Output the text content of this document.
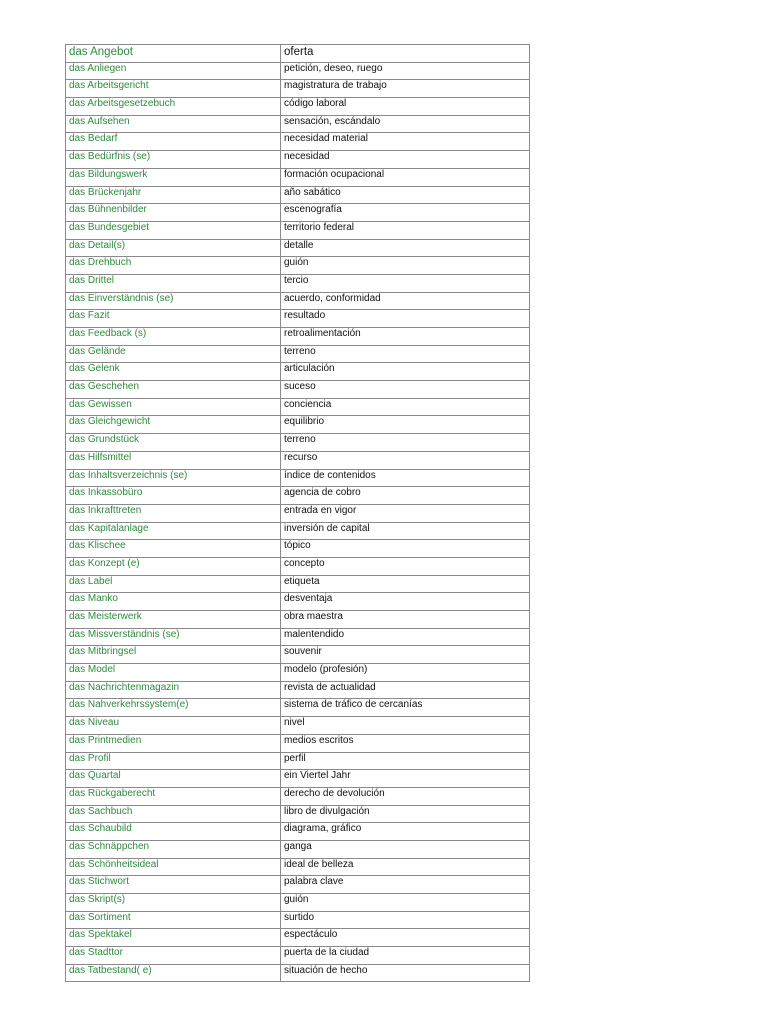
das Angebot	oferta
das Anliegen	petición, deseo, ruego
das Arbeitsgericht	magistratura de trabajo
das Arbeitsgesetzebuch	código laboral
das Aufsehen	sensación, escándalo
das Bedarf	necesidad material
das Bedürfnis (se)	necesidad
das Bildungswerk	formación ocupacional
das Brückenjahr	año sabático
das Bühnenbilder	escenografía
das Bundesgebiet	territorio federal
das Detail(s)	detalle
das Drehbuch	guión
das Drittel	tercio
das Einverständnis (se)	acuerdo, conformidad
das Fazit	resultado
das Feedback (s)	retroalimentación
das Gelände	terreno
das Gelenk	articulación
das Geschehen	suceso
das Gewissen	conciencia
das Gleichgewicht	equilibrio
das Grundstück	terreno
das Hilfsmittel	recurso
das Inhaltsverzeichnis (se)	índice de contenidos
das Inkassobüro	agencia de cobro
das Inkrafttreten	entrada en vigor
das Kapitalanlage	inversión de capital
das Klischee	tópico
das Konzept (e)	concepto
das Label	etiqueta
das Manko	desventaja
das Meisterwerk	obra maestra
das Missverständnis (se)	malentendido
das Mitbringsel	souvenir
das Model	modelo (profesión)
das Nachrichtenmagazin	revista de actualidad
das Nahverkehrssystem(e)	sistema de tráfico de cercanías
das Niveau	nivel
das Printmedien	medios escritos
das Profil	perfil
das Quartal	ein Viertel Jahr
das Rückgaberecht	derecho de devolución
das Sachbuch	libro de divulgación
das Schaubild	diagrama, gráfico
das Schnäppchen	ganga
das Schönheitsideal	ideal de belleza
das Stichwort	palabra clave
das Skript(s)	guión
das Sortiment	surtido
das Spektakel	espectáculo
das Stadttor	puerta de la ciudad
das Tatbestand( e)	situación de hecho
